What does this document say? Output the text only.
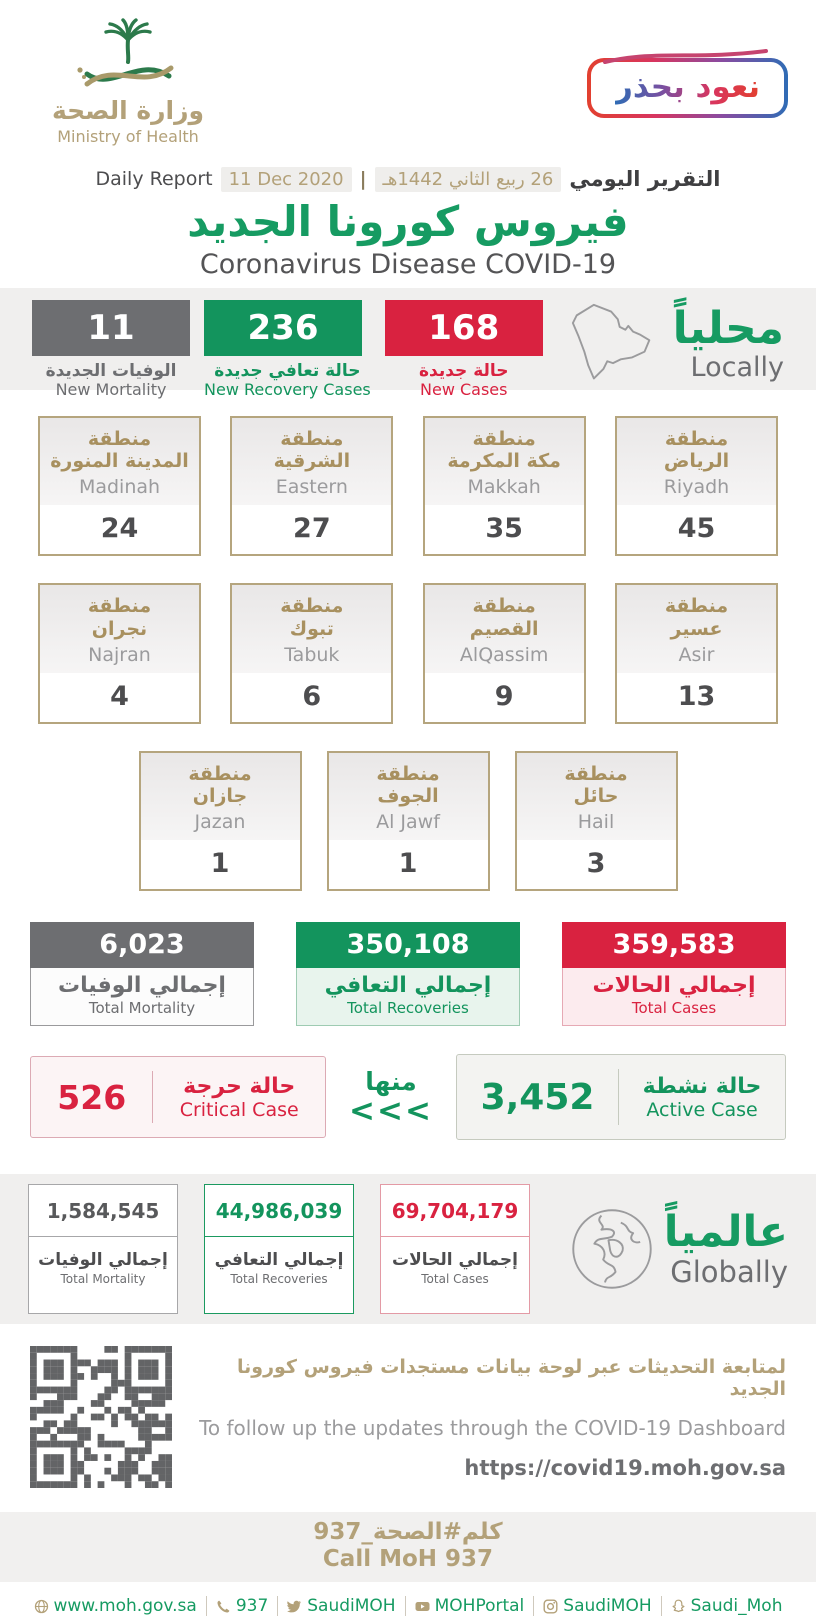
وزارة الصحة
Ministry of Health
نعود بحذر
Daily Report 11 Dec 2020 | 26 ربيع الثاني 1442هـ التقرير اليومي
فيروس كورونا الجديد
Coronavirus Disease COVID-19
11
الوفيات الجديدة
New Mortality
236
حالة تعافي جديدة
New Recovery Cases
168
حالة جديدة
New Cases
محلياً
Locally
منطقة
المدينة المنورة
Madinah
24
منطقة
الشرقية
Eastern
27
منطقة
مكة المكرمة
Makkah
35
منطقة
الرياض
Riyadh
45
منطقة
نجران
Najran
4
منطقة
تبوك
Tabuk
6
منطقة
القصيم
AlQassim
9
منطقة
عسير
Asir
13
منطقة
جازان
Jazan
1
منطقة
الجوف
Al Jawf
1
منطقة
حائل
Hail
3
6,023
إجمالي الوفيات
Total Mortality
350,108
إجمالي التعافي
Total Recoveries
359,583
إجمالي الحالات
Total Cases
526	حالة حرجة
Critical Case
منها
<<< 3,452 حالة نشطة
Active Case
1,584,545
إجمالي الوفيات
Total Mortality
44,986,039
إجمالي التعافي
Total Recoveries
69,704,179
إجمالي الحالات
Total Cases
عالمياً
Globally
لمتابعة التحديثات عبر لوحة بيانات مستجدات فيروس كورونا الجديد
To follow up the updates through the COVID-19 Dashboard
https://covid19.moh.gov.sa
كلم#الصحة_937
Call MoH 937
www.moh.gov.sa 937 SaudiMOH MOHPortal SaudiMOH Saudi_Moh
